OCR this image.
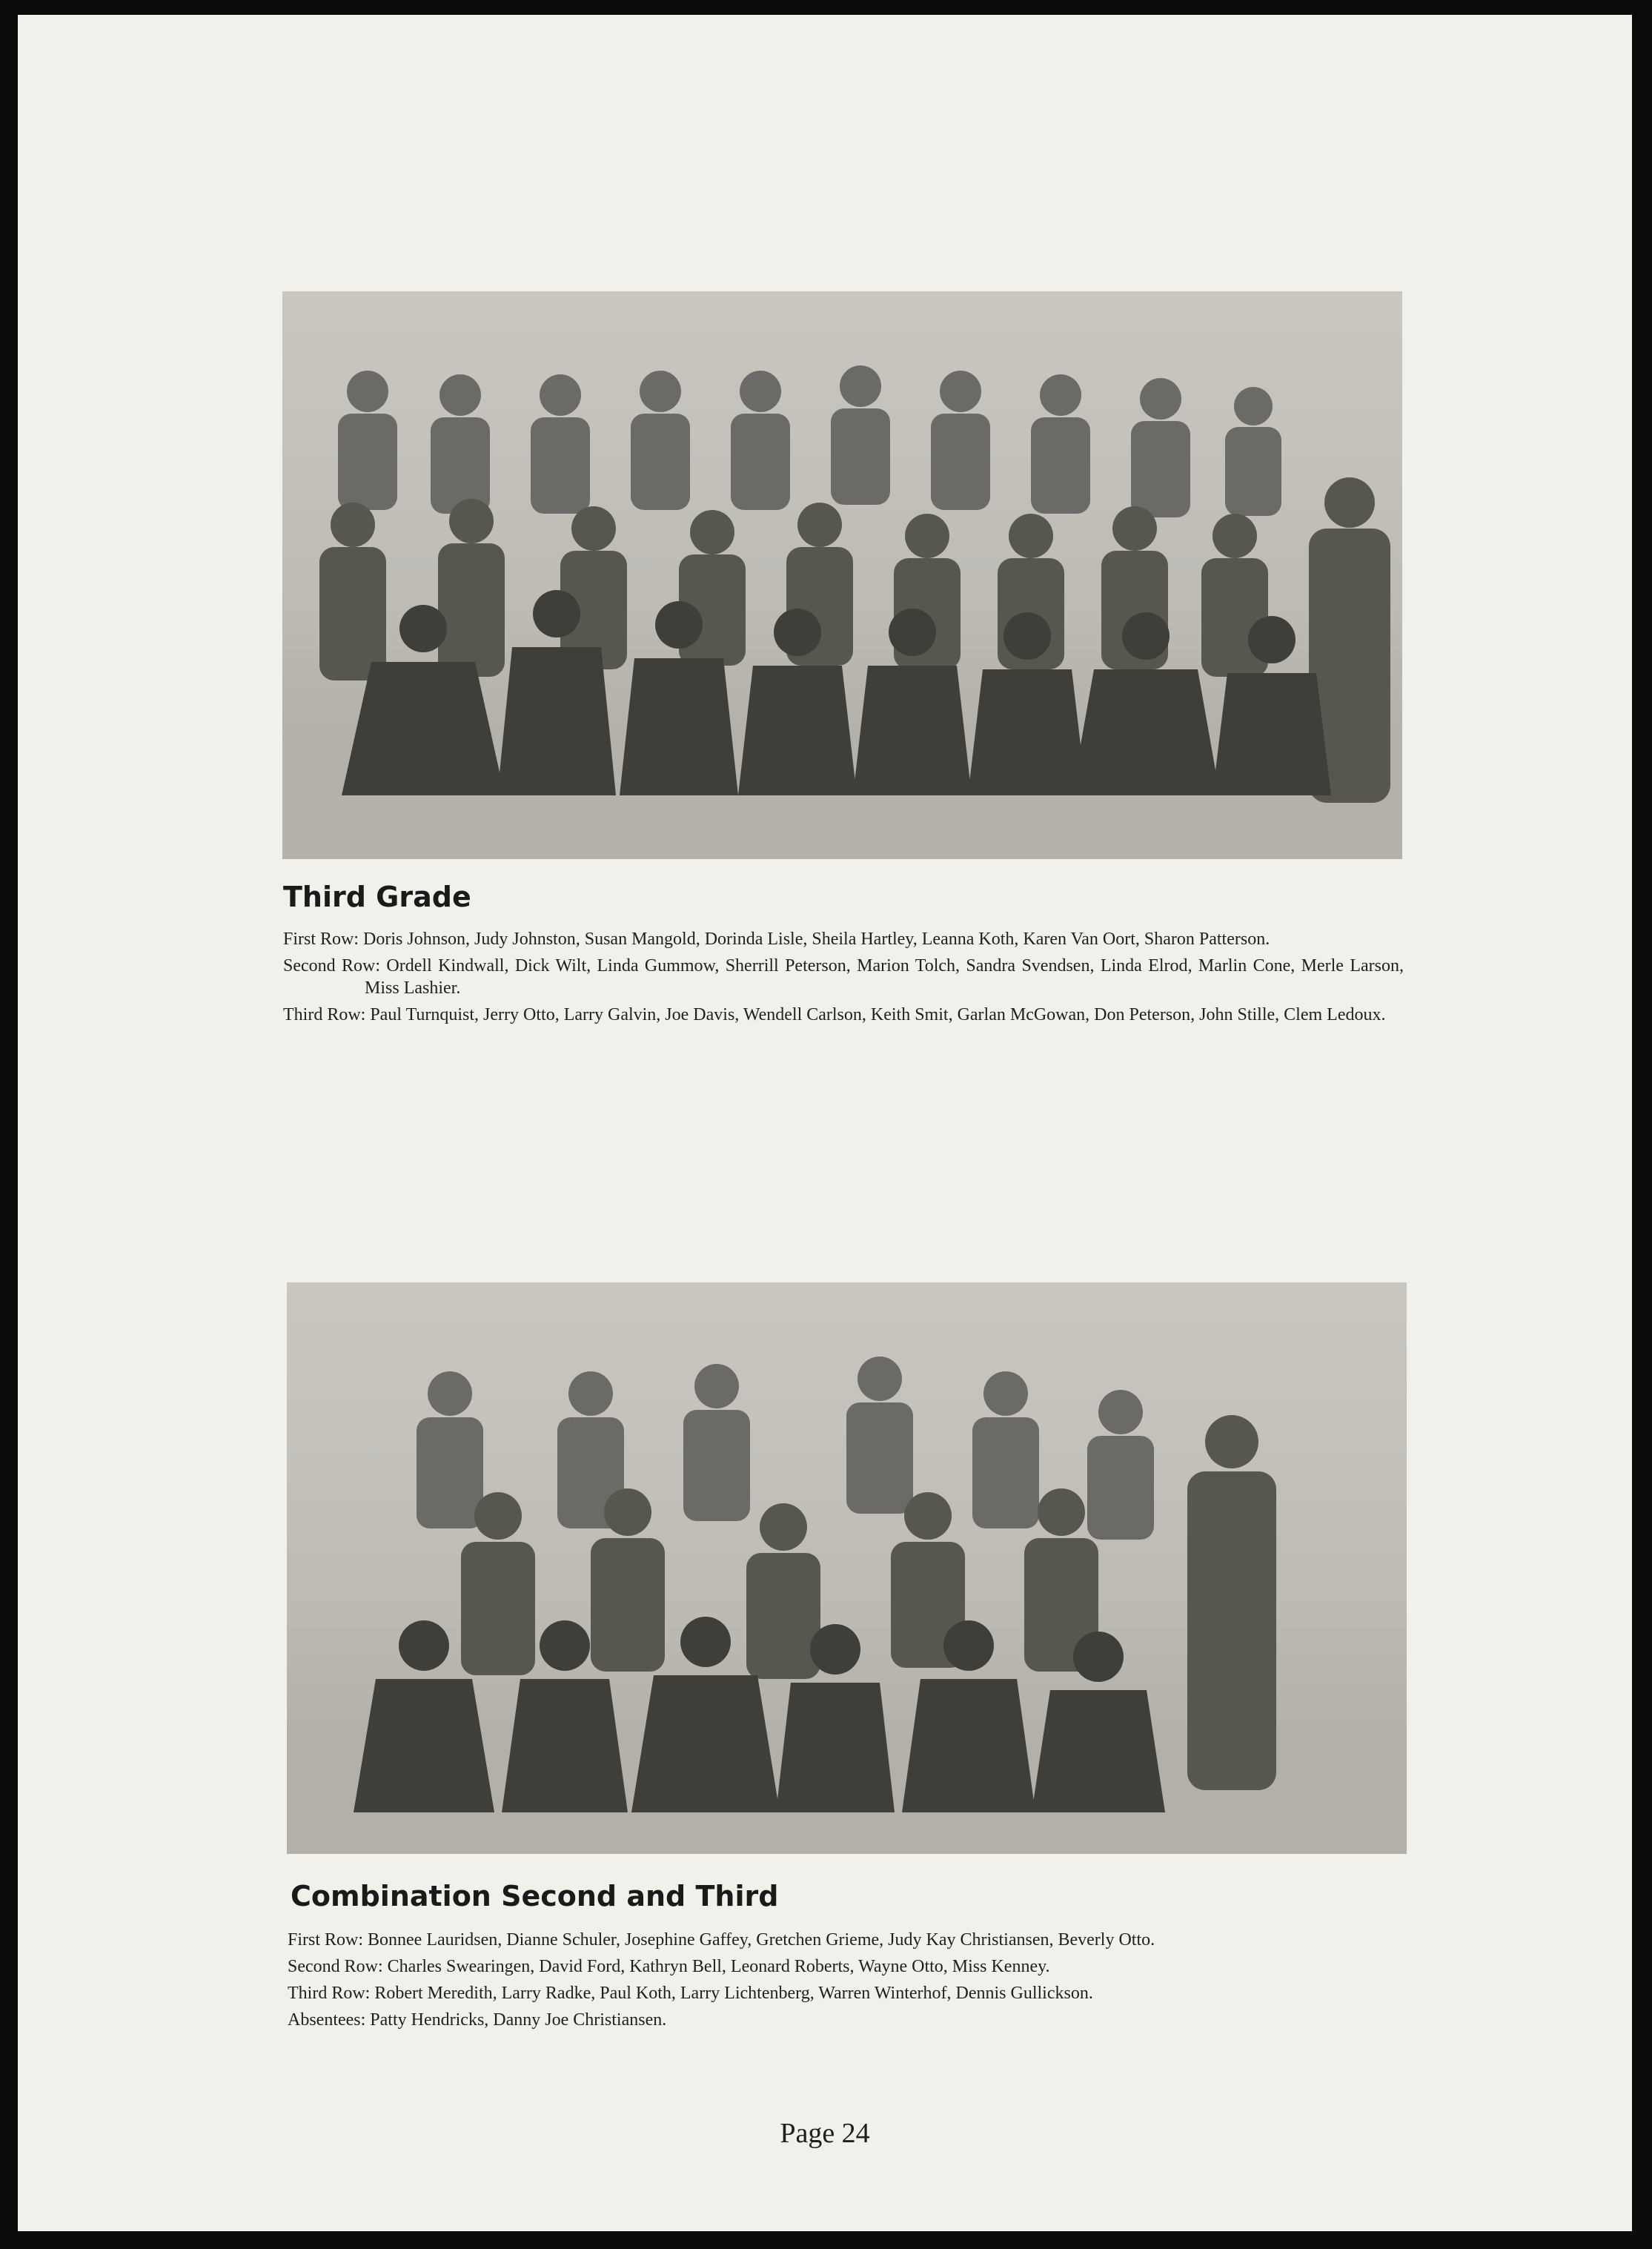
Third Grade

First Row: Doris Johnson, Judy Johnston, Susan Mangold, Dorinda Lisle, Sheila Hartley, Leanna Koth, Karen Van Oort, Sharon Patterson.

Second Row: Ordell Kindwall, Dick Wilt, Linda Gummow, Sherrill Peterson, Marion Tolch, Sandra Svendsen, Linda Elrod, Marlin Cone, Merle Larson, Miss Lashier.

Third Row: Paul Turnquist, Jerry Otto, Larry Galvin, Joe Davis, Wendell Carlson, Keith Smit, Garlan McGowan, Don Peterson, John Stille, Clem Ledoux.

Combination Second and Third

First Row: Bonnee Lauridsen, Dianne Schuler, Josephine Gaffey, Gretchen Grieme, Judy Kay Christiansen, Beverly Otto.

Second Row: Charles Swearingen, David Ford, Kathryn Bell, Leonard Roberts, Wayne Otto, Miss Kenney.

Third Row: Robert Meredith, Larry Radke, Paul Koth, Larry Lichtenberg, Warren Winterhof, Dennis Gullickson.

Absentees: Patty Hendricks, Danny Joe Christiansen.

Page 24
